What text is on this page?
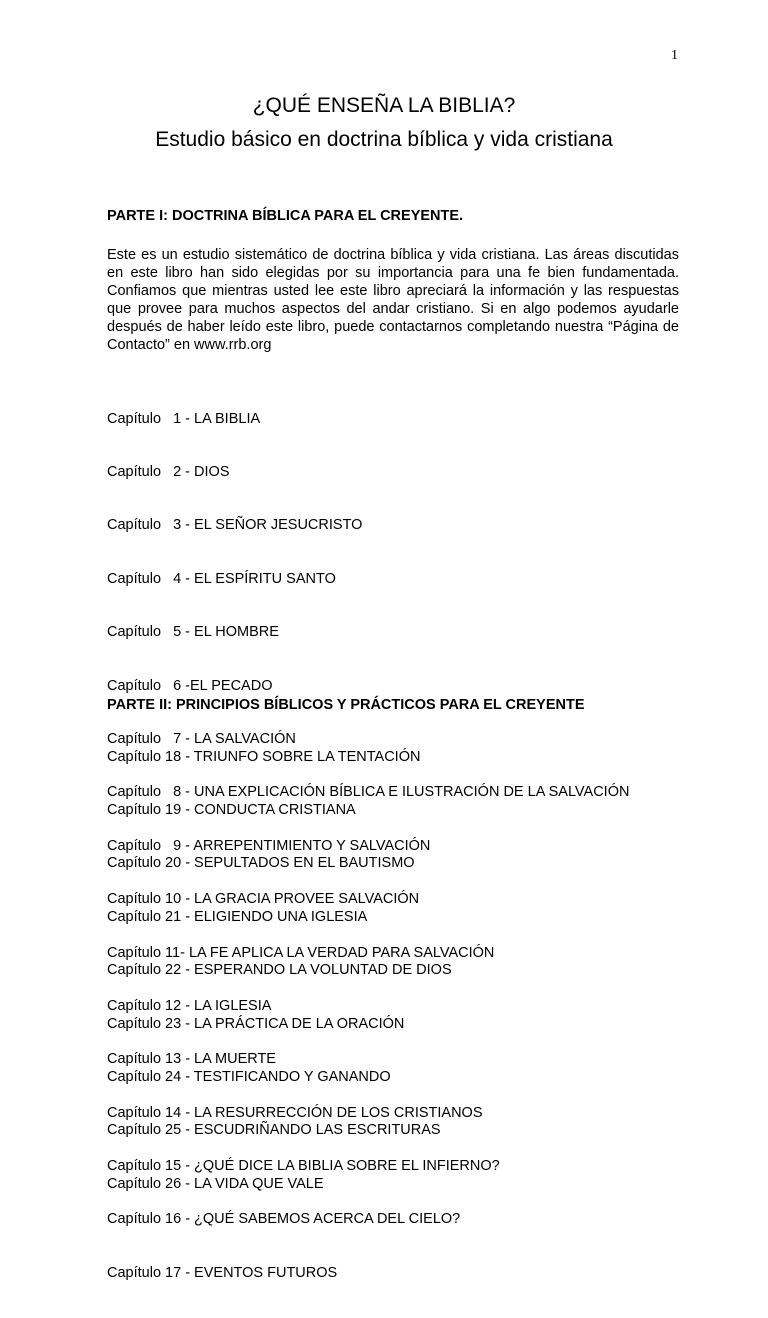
1
¿QUÉ ENSEÑA LA BIBLIA?
Estudio básico en doctrina bíblica y vida cristiana
PARTE I: DOCTRINA BÍBLICA PARA EL CREYENTE.

Este es un estudio sistemático de doctrina bíblica y vida cristiana. Las áreas discutidas en este libro han sido elegidas por su importancia para una fe bien fundamentada. Confiamos que mientras usted lee este libro apreciará la información y las respuestas que provee para muchos aspectos del andar cristiano. Si en algo podemos ayudarle después de haber leído este libro, puede contactarnos completando nuestra “Página de Contacto” en www.rrb.org

Capítulo   1 - LA BIBLIA

Capítulo   2 - DIOS

Capítulo   3 - EL SEÑOR JESUCRISTO

Capítulo   4 - EL ESPÍRITU SANTO

Capítulo   5 - EL HOMBRE

Capítulo   6 -EL PECADO

Capítulo   7 - LA SALVACIÓN

Capítulo   8 - UNA EXPLICACIÓN BÍBLICA E ILUSTRACIÓN DE LA SALVACIÓN

Capítulo   9 - ARREPENTIMIENTO Y SALVACIÓN

Capítulo 10 - LA GRACIA PROVEE SALVACIÓN

Capítulo 11- LA FE APLICA LA VERDAD PARA SALVACIÓN

Capítulo 12 - LA IGLESIA

Capítulo 13 - LA MUERTE

Capítulo 14 - LA RESURRECCIÓN DE LOS CRISTIANOS

Capítulo 15 - ¿QUÉ DICE LA BIBLIA SOBRE EL INFIERNO?

Capítulo 16 - ¿QUÉ SABEMOS ACERCA DEL CIELO?

Capítulo 17 - EVENTOS FUTUROS

PARTE II: PRINCIPIOS BÍBLICOS Y PRÁCTICOS PARA EL CREYENTE

Capítulo 18 - TRIUNFO SOBRE LA TENTACIÓN

Capítulo 19 - CONDUCTA CRISTIANA

Capítulo 20 - SEPULTADOS EN EL BAUTISMO

Capítulo 21 - ELIGIENDO UNA IGLESIA

Capítulo 22 - ESPERANDO LA VOLUNTAD DE DIOS

Capítulo 23 - LA PRÁCTICA DE LA ORACIÓN

Capítulo 24 - TESTIFICANDO Y GANANDO

Capítulo 25 - ESCUDRIÑANDO LAS ESCRITURAS

Capítulo 26 - LA VIDA QUE VALE
